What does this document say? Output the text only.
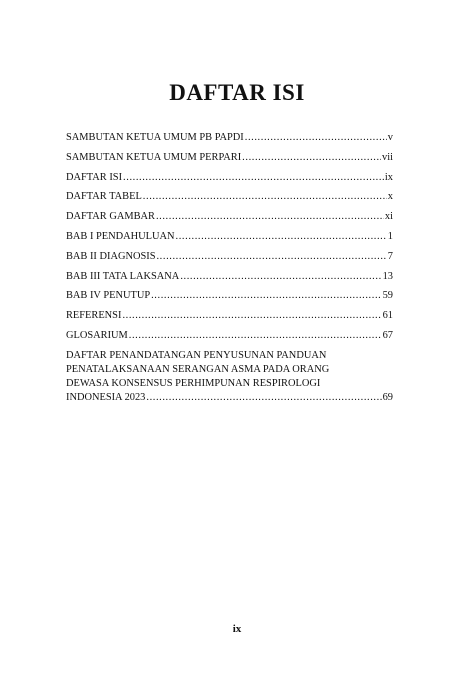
DAFTAR ISI
SAMBUTAN KETUA UMUM PB PAPDI .....	v
SAMBUTAN KETUA UMUM PERPARI .....	vii
DAFTAR ISI .....	ix
DAFTAR TABEL .....	x
DAFTAR GAMBAR .....	xi
BAB I PENDAHULUAN .....	1
BAB II DIAGNOSIS .....	7
BAB III TATA LAKSANA .....	13
BAB IV PENUTUP .....	59
REFERENSI .....	61
GLOSARIUM .....	67
DAFTAR PENANDATANGAN PENYUSUNAN PANDUAN
PENATALAKSANAAN SERANGAN ASMA PADA ORANG
DEWASA KONSENSUS PERHIMPUNAN RESPIROLOGI
INDONESIA 2023 .....	69
ix
